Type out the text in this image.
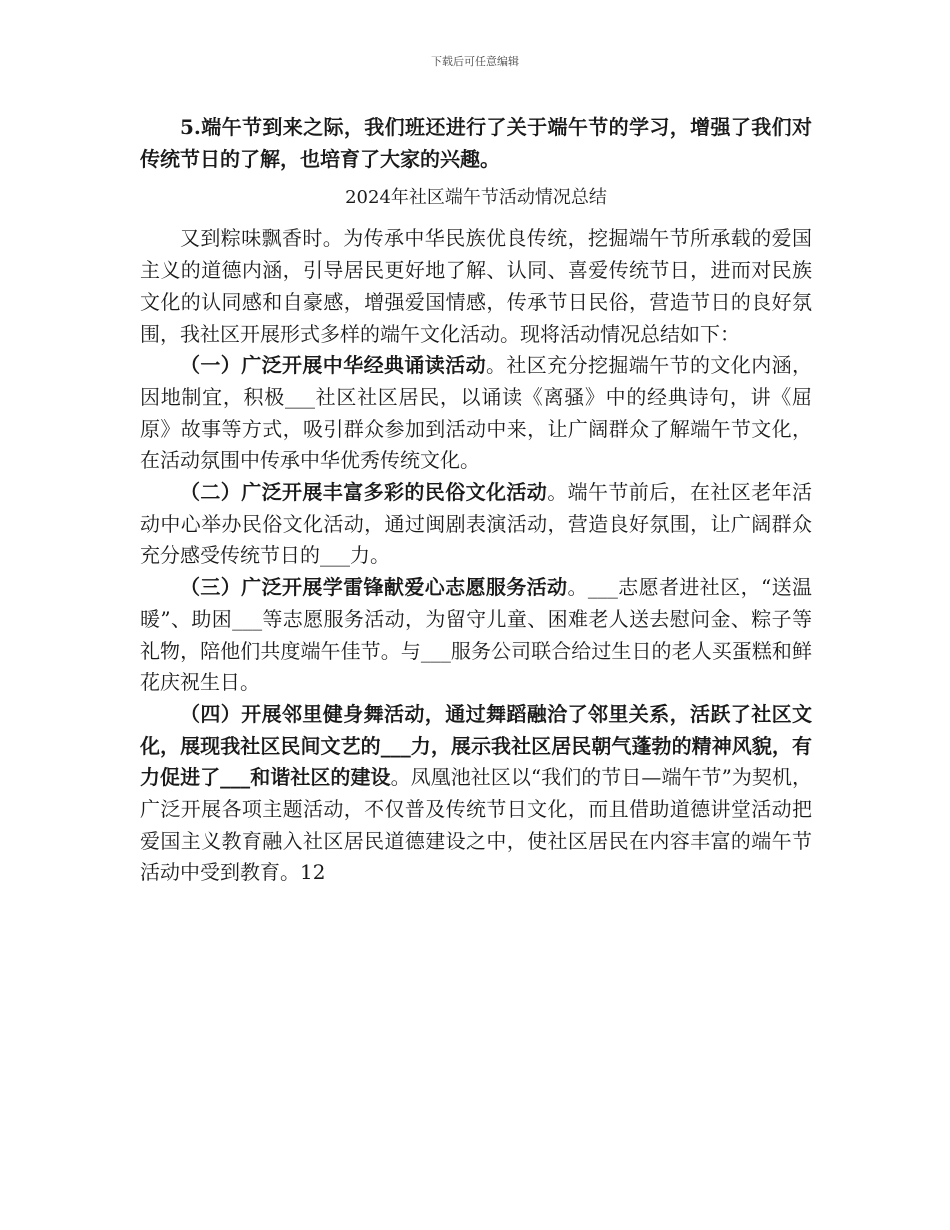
下载后可任意编辑

5.端午节到来之际，我们班还进行了关于端午节的学习，增强了我们对传统节日的了解，也培育了大家的兴趣。

2024年社区端午节活动情况总结

又到粽味飘香时。为传承中华民族优良传统，挖掘端午节所承载的爱国主义的道德内涵，引导居民更好地了解、认同、喜爱传统节日，进而对民族文化的认同感和自豪感，增强爱国情感，传承节日民俗，营造节日的良好氛围，我社区开展形式多样的端午文化活动。现将活动情况总结如下：

（一）广泛开展中华经典诵读活动。社区充分挖掘端午节的文化内涵，因地制宜，积极___社区社区居民，以诵读《离骚》中的经典诗句，讲《屈原》故事等方式，吸引群众参加到活动中来，让广阔群众了解端午节文化，在活动氛围中传承中华优秀传统文化。

（二）广泛开展丰富多彩的民俗文化活动。端午节前后，在社区老年活动中心举办民俗文化活动，通过闽剧表演活动，营造良好氛围，让广阔群众充分感受传统节日的___力。

（三）广泛开展学雷锋献爱心志愿服务活动。___志愿者进社区，“送温暖”、助困___等志愿服务活动，为留守儿童、困难老人送去慰问金、粽子等礼物，陪他们共度端午佳节。与___服务公司联合给过生日的老人买蛋糕和鲜花庆祝生日。

（四）开展邻里健身舞活动，通过舞蹈融洽了邻里关系，活跃了社区文化，展现我社区民间文艺的___力，展示我社区居民朝气蓬勃的精神风貌，有力促进了___和谐社区的建设。凤凰池社区以“我们的节日—端午节”为契机，广泛开展各项主题活动，不仅普及传统节日文化，而且借助道德讲堂活动把爱国主义教育融入社区居民道德建设之中，使社区居民在内容丰富的端午节活动中受到教育。12
